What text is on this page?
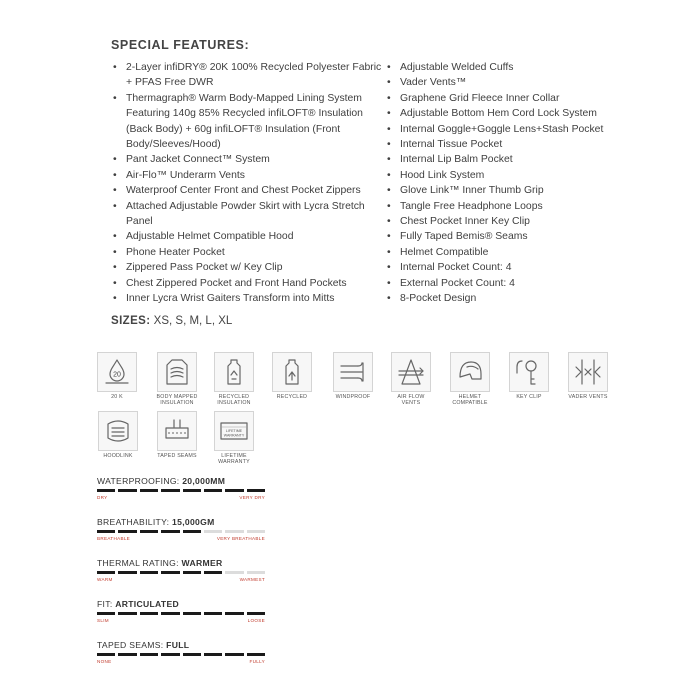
SPECIAL FEATURES:
• 2-Layer infiDRY® 20K 100% Recycled Polyester Fabric + PFAS Free DWR
• Thermagraph® Warm Body-Mapped Lining System Featuring 140g 85% Recycled infiLOFT® Insulation (Back Body) + 60g infiLOFT® Insulation (Front Body/Sleeves/Hood)
• Pant Jacket Connect™ System
• Air-Flo™ Underarm Vents
• Waterproof Center Front and Chest Pocket Zippers
• Attached Adjustable Powder Skirt with Lycra Stretch Panel
• Adjustable Helmet Compatible Hood
• Phone Heater Pocket
• Zippered Pass Pocket w/ Key Clip
• Chest Zippered Pocket and Front Hand Pockets
• Inner Lycra Wrist Gaiters Transform into Mitts
• Adjustable Welded Cuffs
• Vader Vents™
• Graphene Grid Fleece Inner Collar
• Adjustable Bottom Hem Cord Lock System
• Internal Goggle+Goggle Lens+Stash Pocket
• Internal Tissue Pocket
• Internal Lip Balm Pocket
• Hood Link System
• Glove Link™ Inner Thumb Grip
• Tangle Free Headphone Loops
• Chest Pocket Inner Key Clip
• Fully Taped Bemis® Seams
• Helmet Compatible
• Internal Pocket Count: 4
• External Pocket Count: 4
• 8-Pocket Design

SIZES: XS, S, M, L, XL

20
20 K	BODY MAPPED INSULATION
RECYCLED INSULATION
RECYCLED	WINDPROOF	AIR FLOW VENTS
HELMET COMPATIBLE
KEY CLIP	VADER VENTS
HOODLINK	TAPED SEAMS
LIFETIME
WARRANTY
LIFETIME WARRANTY
WATERPROOFING: 20,000MM
DRY	VERY DRY
BREATHABILITY: 15,000GM
BREATHABLE	VERY BREATHABLE
THERMAL RATING: WARMER
WARM	WARMEST
FIT: ARTICULATED
SLIM	LOOSE
TAPED SEAMS: FULL
NONE	FULLY
